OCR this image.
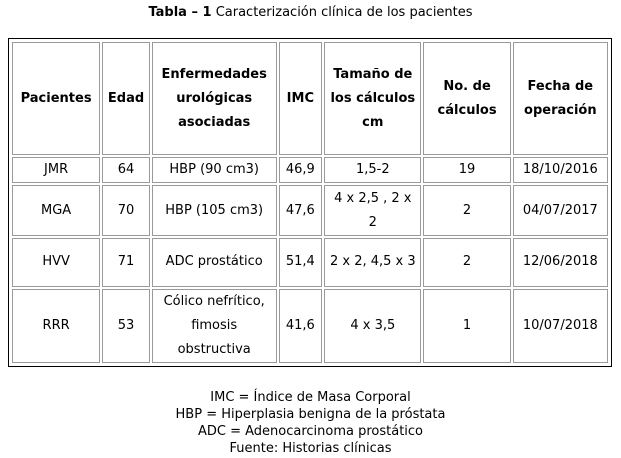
Tabla – 1 Caracterización clínica de los pacientes
Pacientes	Edad	Enfermedades urológicas asociadas	IMC	Tamaño de los cálculos cm	No. de cálculos	Fecha de operación
JMR	64	HBP (90 cm3)	46,9	1,5-2	19	18/10/2016
MGA	70	HBP (105 cm3)	47,6	4 x 2,5 , 2 x 2	2	04/07/2017
HVV	71	ADC prostático	51,4	2 x 2, 4,5 x 3	2	12/06/2018
RRR	53	Cólico nefrítico, fimosis obstructiva	41,6	4 x 3,5	1	10/07/2018
IMC = Índice de Masa Corporal
HBP = Hiperplasia benigna de la próstata
ADC = Adenocarcinoma prostático
Fuente: Historias clínicas
